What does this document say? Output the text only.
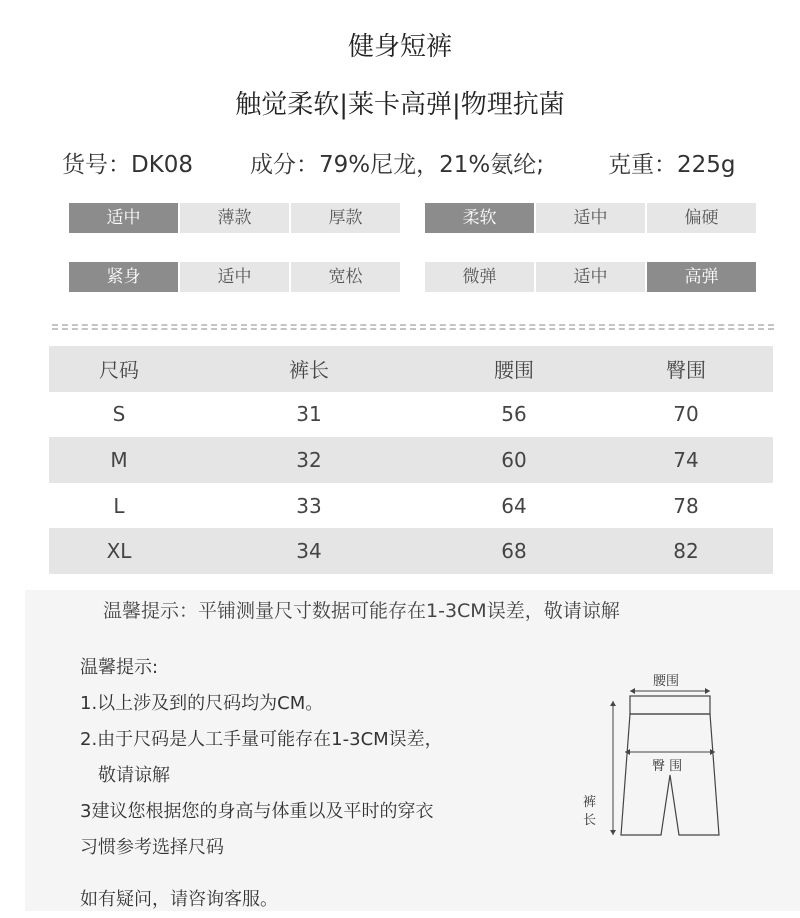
健身短裤
触觉柔软|莱卡高弹|物理抗菌
货号：DK08 成分：79%尼龙，21%氨纶;	克重：225g
适中	薄款	厚款	柔软	适中	偏硬
紧身	适中	宽松	微弹	适中	高弹
尺码	裤长	腰围	臀围
S	31	56	70
M	32	60	74
L	33	64	78
XL	34	68	82
温馨提示：平铺测量尺寸数据可能存在1-3CM误差，敬请谅解
温馨提示:
1.以上涉及到的尺码均为CM。
2.由于尺码是人工手量可能存在1-3CM误差，
敬请谅解
3建议您根据您的身高与体重以及平时的穿衣
习惯参考选择尺码
如有疑问，请咨询客服。
腰围
臀 围
裤
长
